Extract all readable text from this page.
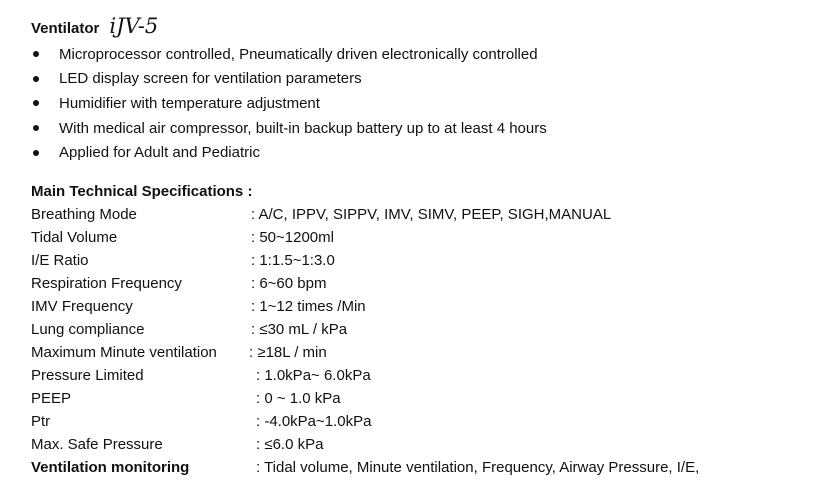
Ventilator iJV-5
Microprocessor controlled, Pneumatically driven electronically controlled
LED display screen for ventilation parameters
Humidifier with temperature adjustment
With medical air compressor, built-in backup battery up to at least 4 hours
Applied for Adult and Pediatric
Main Technical Specifications :
Breathing Mode	: A/C, IPPV, SIPPV, IMV, SIMV, PEEP, SIGH,MANUAL
Tidal Volume	: 50~1200ml
I/E Ratio	: 1:1.5~1:3.0
Respiration Frequency	: 6~60 bpm
IMV Frequency	: 1~12 times /Min
Lung compliance	: ≤30 mL / kPa
Maximum Minute ventilation : ≥18L / min
Pressure Limited	: 1.0kPa~ 6.0kPa
PEEP	: 0 ~ 1.0 kPa
Ptr	: -4.0kPa~1.0kPa
Max. Safe Pressure	: ≤6.0 kPa
Ventilation monitoring	: Tidal volume, Minute ventilation, Frequency, Airway Pressure, I/E,
